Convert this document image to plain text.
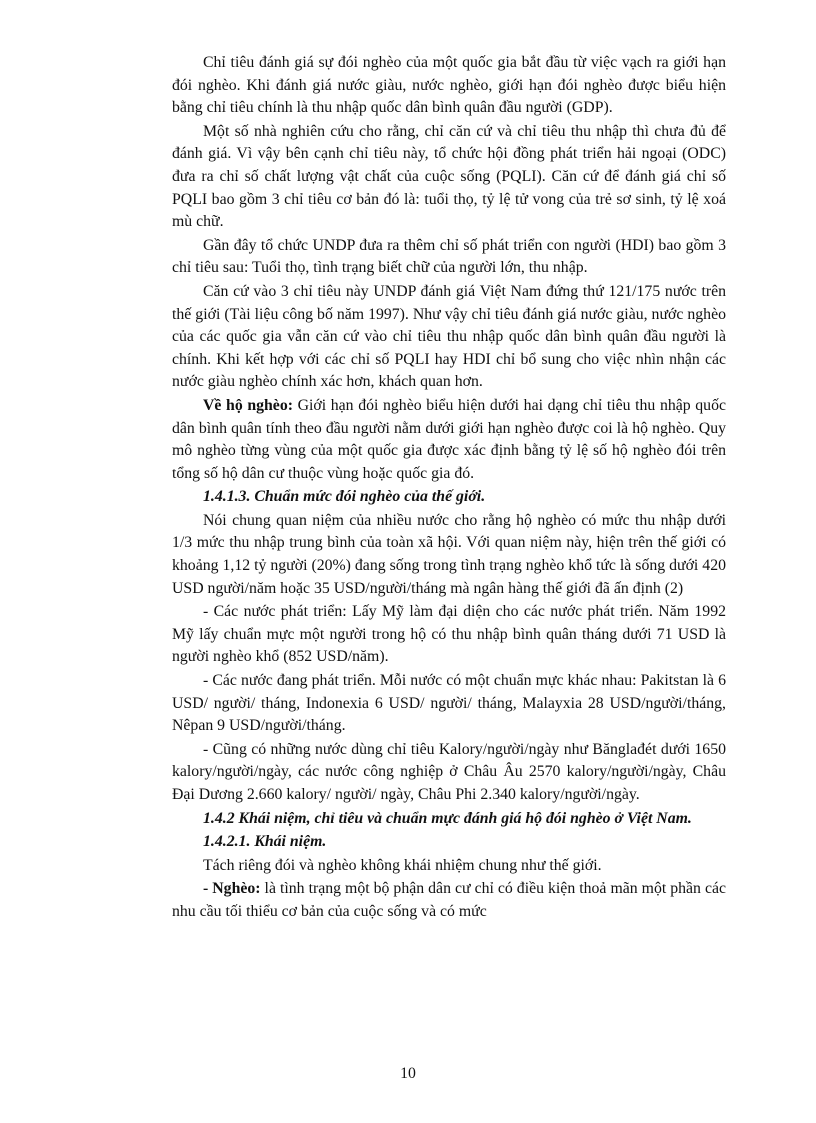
Chỉ tiêu đánh giá sự đói nghèo của một quốc gia bắt đầu từ việc vạch ra giới hạn đói nghèo. Khi đánh giá nước giàu, nước nghèo, giới hạn đói nghèo được biểu hiện bằng chỉ tiêu chính là thu nhập quốc dân bình quân đầu người (GDP).

Một số nhà nghiên cứu cho rằng, chỉ căn cứ và chỉ tiêu thu nhập thì chưa đủ để đánh giá. Vì vậy bên cạnh chỉ tiêu này, tổ chức hội đồng phát triển hải ngoại (ODC) đưa ra chỉ số chất lượng vật chất của cuộc sống (PQLI). Căn cứ để đánh giá chỉ số PQLI bao gồm 3 chỉ tiêu cơ bản đó là: tuổi thọ, tỷ lệ tử vong của trẻ sơ sinh, tỷ lệ xoá mù chữ.

Gần đây tổ chức UNDP đưa ra thêm chỉ số phát triển con người (HDI) bao gồm 3 chỉ tiêu sau: Tuổi thọ, tình trạng biết chữ của người lớn, thu nhập.

Căn cứ vào 3 chỉ tiêu này UNDP đánh giá Việt Nam đứng thứ 121/175 nước trên thế giới (Tài liệu công bố năm 1997). Như vậy chỉ tiêu đánh giá nước giàu, nước nghèo của các quốc gia vẫn căn cứ vào chỉ tiêu thu nhập quốc dân bình quân đầu người là chính. Khi kết hợp với các chỉ số PQLI hay HDI chỉ bổ sung cho việc nhìn nhận các nước giàu nghèo chính xác hơn, khách quan hơn.

Về hộ nghèo: Giới hạn đói nghèo biểu hiện dưới hai dạng chỉ tiêu thu nhập quốc dân bình quân tính theo đầu người nằm dưới giới hạn nghèo được coi là hộ nghèo. Quy mô nghèo từng vùng của một quốc gia được xác định bằng tỷ lệ số hộ nghèo đói trên tổng số hộ dân cư thuộc vùng hoặc quốc gia đó.

1.4.1.3. Chuẩn mức đói nghèo của thế giới.

Nói chung quan niệm của nhiều nước cho rằng hộ nghèo có mức thu nhập dưới 1/3 mức thu nhập trung bình của toàn xã hội. Với quan niệm này, hiện trên thế giới có khoảng 1,12 tỷ người (20%) đang sống trong tình trạng nghèo khổ tức là sống dưới 420 USD người/năm hoặc 35 USD/người/tháng mà ngân hàng thế giới đã ấn định (2)

- Các nước phát triển: Lấy Mỹ làm đại diện cho các nước phát triển. Năm 1992 Mỹ lấy chuẩn mực một người trong hộ có thu nhập bình quân tháng dưới 71 USD là người nghèo khổ (852 USD/năm).

- Các nước đang phát triển. Mỗi nước có một chuẩn mực khác nhau: Pakitstan là 6 USD/ người/ tháng, Indonexia 6 USD/ người/ tháng, Malayxia 28 USD/người/tháng, Nêpan 9 USD/người/tháng.

- Cũng có những nước dùng chỉ tiêu Kalory/người/ngày như Bănglađét dưới 1650 kalory/người/ngày, các nước công nghiệp ở Châu Âu 2570 kalory/người/ngày, Châu Đại Dương 2.660 kalory/ người/ ngày, Châu Phi 2.340 kalory/người/ngày.

1.4.2 Khái niệm, chỉ tiêu và chuẩn mực đánh giá hộ đói nghèo ở Việt Nam.

1.4.2.1. Khái niệm.

Tách riêng đói và nghèo không khái nhiệm chung như thế giới.

- Nghèo: là tình trạng một bộ phận dân cư chỉ có điều kiện thoả mãn một phần các nhu cầu tối thiểu cơ bản của cuộc sống và có mức

10
